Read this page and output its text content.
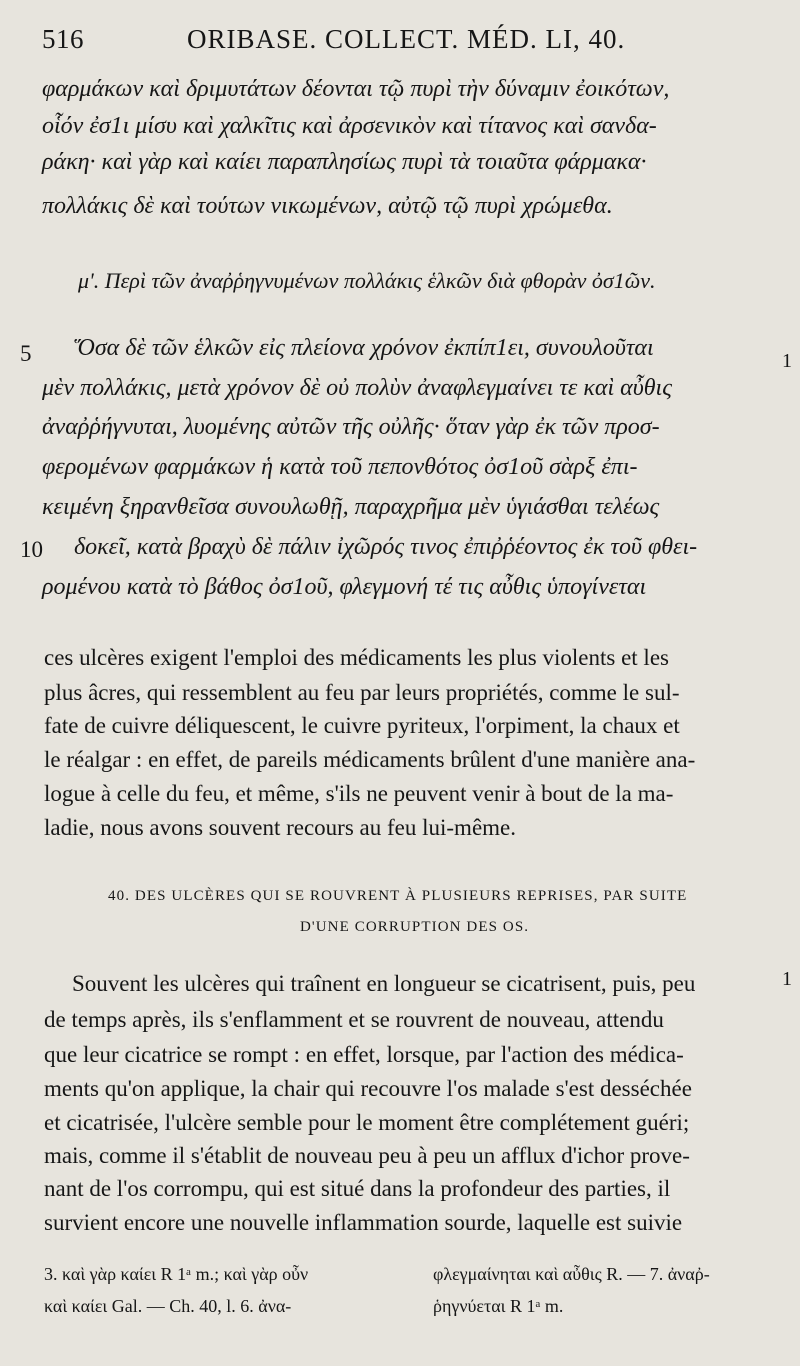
516	ORIBASE. COLLECT. MÉD. LI, 40.
φαρμάκων καὶ δριμυτάτων δέονται τῷ πυρὶ τὴν δύναμιν ἐοικότων,
οἷόν ἐσ1ι μίσυ καὶ χαλκῖτις καὶ ἀρσενικὸν καὶ τίτανος καὶ σανδα-
ράκη· καὶ γὰρ καὶ καίει παραπλησίως πυρὶ τὰ τοιαῦτα φάρμακα·
πολλάκις δὲ καὶ τούτων νικωμένων, αὐτῷ τῷ πυρὶ χρώμεθα.
μ'. Περὶ τῶν ἀναῤῥηγνυμένων πολλάκις ἑλκῶν διὰ φθορὰν ὀσ1ῶν.
5
10
Ὅσα δὲ τῶν ἑλκῶν εἰς πλείονα χρόνον ἐκπίπ1ει, συνουλοῦται
μὲν πολλάκις, μετὰ χρόνον δὲ οὐ πολὺν ἀναφλεγμαίνει τε καὶ αὖθις
ἀναῤῥήγνυται, λυομένης αὐτῶν τῆς οὐλῆς· ὅταν γὰρ ἐκ τῶν προσ-
φερομένων φαρμάκων ἡ κατὰ τοῦ πεπονθότος ὀσ1οῦ σὰρξ ἐπι-
κειμένη ξηρανθεῖσα συνουλωθῇ, παραχρῆμα μὲν ὑγιάσθαι τελέως
δοκεῖ, κατὰ βραχὺ δὲ πάλιν ἰχῶρός τινος ἐπιῤῥέοντος ἐκ τοῦ φθει-
ρομένου κατὰ τὸ βάθος ὀσ1οῦ, φλεγμονή τέ τις αὖθις ὑπογίνεται
1
ces ulcères exigent l'emploi des médicaments les plus violents et les
plus âcres, qui ressemblent au feu par leurs propriétés, comme le sul-
fate de cuivre déliquescent, le cuivre pyriteux, l'orpiment, la chaux et
le réalgar : en effet, de pareils médicaments brûlent d'une manière ana-
logue à celle du feu, et même, s'ils ne peuvent venir à bout de la ma-
ladie, nous avons souvent recours au feu lui-même.
40. DES ULCÈRES QUI SE ROUVRENT À PLUSIEURS REPRISES, PAR SUITE
D'UNE CORRUPTION DES OS.
1
Souvent les ulcères qui traînent en longueur se cicatrisent, puis, peu
de temps après, ils s'enflamment et se rouvrent de nouveau, attendu
que leur cicatrice se rompt : en effet, lorsque, par l'action des médica-
ments qu'on applique, la chair qui recouvre l'os malade s'est desséchée
et cicatrisée, l'ulcère semble pour le moment être complétement guéri;
mais, comme il s'établit de nouveau peu à peu un afflux d'ichor prove-
nant de l'os corrompu, qui est situé dans la profondeur des parties, il
survient encore une nouvelle inflammation sourde, laquelle est suivie
3. καὶ γὰρ καίει R 1ᵃ m.; καὶ γὰρ οὖν
καὶ καίει Gal. — Ch. 40, l. 6. ἀνα-
φλεγμαίνηται καὶ αὖθις R. — 7. ἀναῤ-
ῥηγνύεται R 1ᵃ m.
